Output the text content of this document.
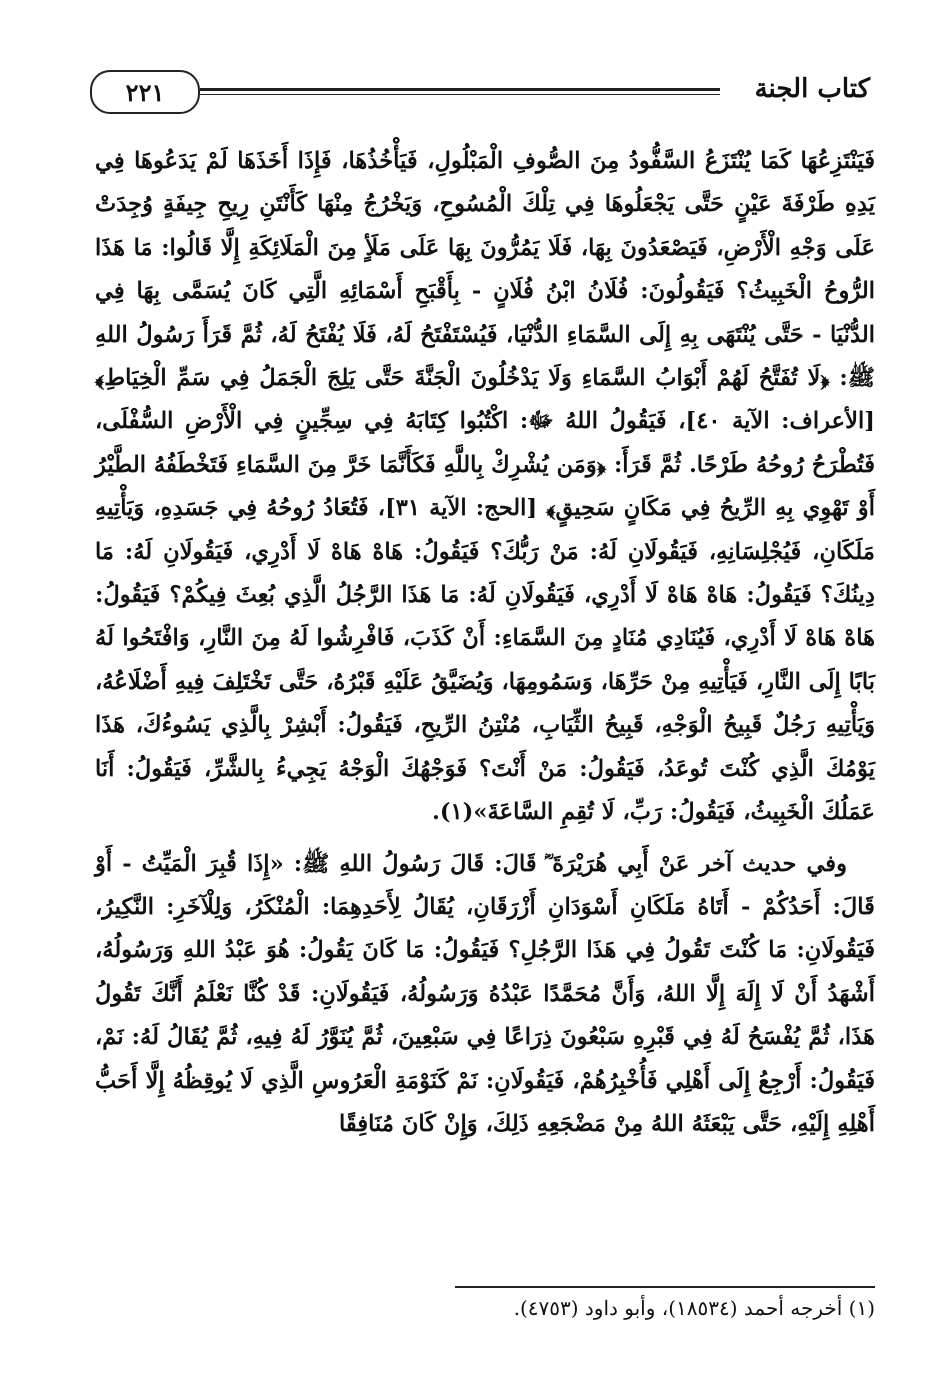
كتاب الجنة
٢٢١

فَيَنْتَزِعُهَا كَمَا يُنْتَزَعُ السَّفُّودُ مِنَ الصُّوفِ الْمَبْلُولِ، فَيَأْخُذُهَا، فَإِذَا أَخَذَهَا لَمْ يَدَعُوهَا فِي يَدِهِ طَرْفَةَ عَيْنٍ حَتَّى يَجْعَلُوهَا فِي تِلْكَ الْمُسُوحِ، وَيَخْرُجُ مِنْهَا كَأَنْتَنِ رِيحِ جِيفَةٍ وُجِدَتْ عَلَى وَجْهِ الْأَرْضِ، فَيَصْعَدُونَ بِهَا، فَلَا يَمُرُّونَ بِهَا عَلَى مَلَأٍ مِنَ الْمَلَائِكَةِ إِلَّا قَالُوا: مَا هَذَا الرُّوحُ الْخَبِيثُ؟ فَيَقُولُونَ: فُلَانُ ابْنُ فُلَانٍ - بِأَقْبَحِ أَسْمَائِهِ الَّتِي كَانَ يُسَمَّى بِهَا فِي الدُّنْيَا - حَتَّى يُنْتَهَى بِهِ إِلَى السَّمَاءِ الدُّنْيَا، فَيُسْتَفْتَحُ لَهُ، فَلَا يُفْتَحُ لَهُ، ثُمَّ قَرَأَ رَسُولُ اللهِ ﷺ: ﴿لَا تُفَتَّحُ لَهُمْ أَبْوَابُ السَّمَاءِ وَلَا يَدْخُلُونَ الْجَنَّةَ حَتَّى يَلِجَ الْجَمَلُ فِي سَمِّ الْخِيَاطِ﴾ [الأعراف: الآية ٤٠]، فَيَقُولُ اللهُ ﷻ: اكْتُبُوا كِتَابَهُ فِي سِجِّينٍ فِي الْأَرْضِ السُّفْلَى، فَتُطْرَحُ رُوحُهُ طَرْحًا. ثُمَّ قَرَأَ: ﴿وَمَن يُشْرِكْ بِاللَّهِ فَكَأَنَّمَا خَرَّ مِنَ السَّمَاءِ فَتَخْطَفُهُ الطَّيْرُ أَوْ تَهْوِي بِهِ الرِّيحُ فِي مَكَانٍ سَحِيقٍ﴾ [الحج: الآية ٣١]، فَتُعَادُ رُوحُهُ فِي جَسَدِهِ، وَيَأْتِيهِ مَلَكَانِ، فَيُجْلِسَانِهِ، فَيَقُولَانِ لَهُ: مَنْ رَبُّكَ؟ فَيَقُولُ: هَاهْ هَاهْ لَا أَدْرِي، فَيَقُولَانِ لَهُ: مَا دِينُكَ؟ فَيَقُولُ: هَاهْ هَاهْ لَا أَدْرِي، فَيَقُولَانِ لَهُ: مَا هَذَا الرَّجُلُ الَّذِي بُعِثَ فِيكُمْ؟ فَيَقُولُ: هَاهْ هَاهْ لَا أَدْرِي، فَيُنَادِي مُنَادٍ مِنَ السَّمَاءِ: أَنْ كَذَبَ، فَافْرِشُوا لَهُ مِنَ النَّارِ، وَافْتَحُوا لَهُ بَابًا إِلَى النَّارِ، فَيَأْتِيهِ مِنْ حَرِّهَا، وَسَمُومِهَا، وَيُضَيَّقُ عَلَيْهِ قَبْرُهُ، حَتَّى تَخْتَلِفَ فِيهِ أَضْلَاعُهُ، وَيَأْتِيهِ رَجُلٌ قَبِيحُ الْوَجْهِ، قَبِيحُ الثِّيَابِ، مُنْتِنُ الرِّيحِ، فَيَقُولُ: أَبْشِرْ بِالَّذِي يَسُوءُكَ، هَذَا يَوْمُكَ الَّذِي كُنْتَ تُوعَدُ، فَيَقُولُ: مَنْ أَنْتَ؟ فَوَجْهُكَ الْوَجْهُ يَجِيءُ بِالشَّرِّ، فَيَقُولُ: أَنَا عَمَلُكَ الْخَبِيثُ، فَيَقُولُ: رَبِّ، لَا تُقِمِ السَّاعَةَ»(١).

وفي حديث آخر عَنْ أَبِي هُرَيْرَةَ ؓ قَالَ: قَالَ رَسُولُ اللهِ ﷺ: «إِذَا قُبِرَ الْمَيِّتُ - أَوْ قَالَ: أَحَدُكُمْ - أَتَاهُ مَلَكَانِ أَسْوَدَانِ أَزْرَقَانِ، يُقَالُ لِأَحَدِهِمَا: الْمُنْكَرُ، وَلِلْآخَرِ: النَّكِيرُ، فَيَقُولَانِ: مَا كُنْتَ تَقُولُ فِي هَذَا الرَّجُلِ؟ فَيَقُولُ: مَا كَانَ يَقُولُ: هُوَ عَبْدُ اللهِ وَرَسُولُهُ، أَشْهَدُ أَنْ لَا إِلَهَ إِلَّا اللهُ، وَأَنَّ مُحَمَّدًا عَبْدُهُ وَرَسُولُهُ، فَيَقُولَانِ: قَدْ كُنَّا نَعْلَمُ أَنَّكَ تَقُولُ هَذَا، ثُمَّ يُفْسَحُ لَهُ فِي قَبْرِهِ سَبْعُونَ ذِرَاعًا فِي سَبْعِينَ، ثُمَّ يُنَوَّرُ لَهُ فِيهِ، ثُمَّ يُقَالُ لَهُ: نَمْ، فَيَقُولُ: أَرْجِعُ إِلَى أَهْلِي فَأُخْبِرُهُمْ، فَيَقُولَانِ: نَمْ كَنَوْمَةِ الْعَرُوسِ الَّذِي لَا يُوقِظُهُ إِلَّا أَحَبُّ أَهْلِهِ إِلَيْهِ، حَتَّى يَبْعَثَهُ اللهُ مِنْ مَضْجَعِهِ ذَلِكَ، وَإِنْ كَانَ مُنَافِقًا

(١) أخرجه أحمد (١٨٥٣٤)، وأبو داود (٤٧٥٣).
